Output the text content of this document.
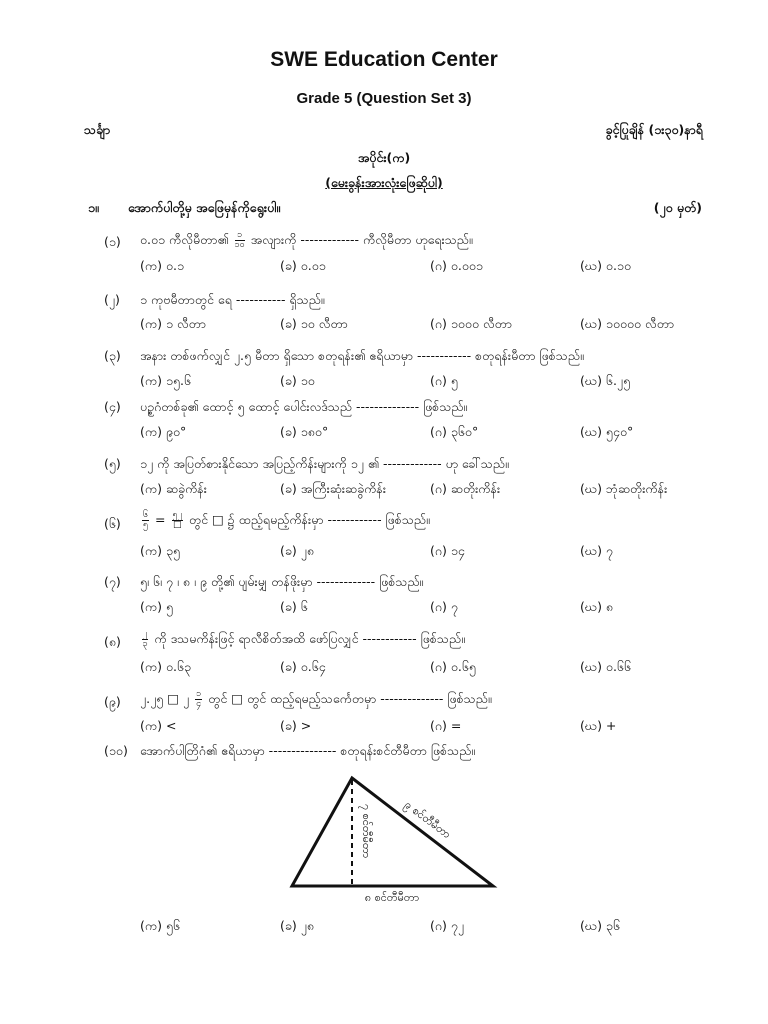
SWE Education Center
Grade 5 (Question Set 3)
သင်္ချာ	ခွင့်ပြုချိန် (၁း၃၀)နာရီ
အပိုင်း(က)
(မေးခွန်းအားလုံးဖြေဆိုပါ)
၁။ အောက်ပါတို့မှ အဖြေမှန်ကိုရွေးပါ။	(၂၀ မှတ်)
(၁) ၀.၀၁ ကီလိုမီတာ၏ $\frac{၁}{၁၀}$ အလျားကို ------------- ကီလိုမီတာ ဟုရေးသည်။
(က) ၀.၁	(ခ) ၀.၀၁	(ဂ) ၀.၀၀၁	(ဃ) ၀.၁၀
(၂) ၁ ကုဗမီတာတွင် ရေ ----------- ရှိသည်။
(က) ၁ လီတာ	(ခ) ၁၀ လီတာ	(ဂ) ၁၀၀၀ လီတာ	(ဃ) ၁၀၀၀၀ လီတာ
(၃) အနား တစ်ဖက်လျှင် ၂.၅ မီတာ ရှိသော စတုရန်း၏ ဧရိယာမှာ ------------ စတုရန်းမီတာ ဖြစ်သည်။
(က) ၁၅.၆	(ခ) ၁၀	(ဂ) ၅	(ဃ) ၆.၂၅
(၄) ပဥ္စဂံတစ်ခု၏ ထောင့် ၅ ထောင့် ပေါင်းလဒ်သည် -------------- ဖြစ်သည်။
(က) ၉၀°	(ခ) ၁၈၀°	(ဂ) ၃၆၀°	(ဃ) ၅၄၀°
(၅) ၁၂ ကို အပြတ်စားနိုင်သော အပြည့်ကိန်းများကို ၁၂ ၏ ------------- ဟု ခေါ်သည်။
(က) ဆခွဲကိန်း	(ခ) အကြီးဆုံးဆခွဲကိန်း	(ဂ) ဆတိုးကိန်း	(ဃ) ဘုံဆတိုးကိန်း
(၆) $\frac{၆}{၅} = \frac{၅၂}{□}$ တွင် □ ၌ ထည့်ရမည့်ကိန်းမှာ ------------ ဖြစ်သည်။
(က) ၃၅	(ခ) ၂၈	(ဂ) ၁၄	(ဃ) ၇
(၇) ၅၊ ၆၊ ၇ ၊ ၈ ၊ ၉ တို့၏ ပျမ်းမျှ တန်ဖိုးမှာ ------------- ဖြစ်သည်။
(က) ၅	(ခ) ၆	(ဂ) ၇	(ဃ) ၈
(၈) $\frac{၂}{၃}$ ကို ဒသမကိန်းဖြင့် ရာလီစိတ်အထိ ဖော်ပြလျှင် ------------ ဖြစ်သည်။
(က) ၀.၆၃	(ခ) ၀.၆၄	(ဂ) ၀.၆၅	(ဃ) ၀.၆၆
(၉) ၂.၂၅ □ ၂ $\frac{၁}{၄}$ တွင် □ တွင် ထည့်ရမည့်သင်္ကေတမှာ -------------- ဖြစ်သည်။
(က) <	(ခ) >	(ဂ) =	(ဃ) +
(၁၀) အောက်ပါတြိဂံ၏ ဧရိယာမှာ --------------- စတုရန်းစင်တီမီတာ ဖြစ်သည်။
၉ စင်တီမီတာ
၇ စင်တီမီတာ
၈ စင်တီမီတာ
(က) ၅၆	(ခ) ၂၈	(ဂ) ၇၂	(ဃ) ၃၆
